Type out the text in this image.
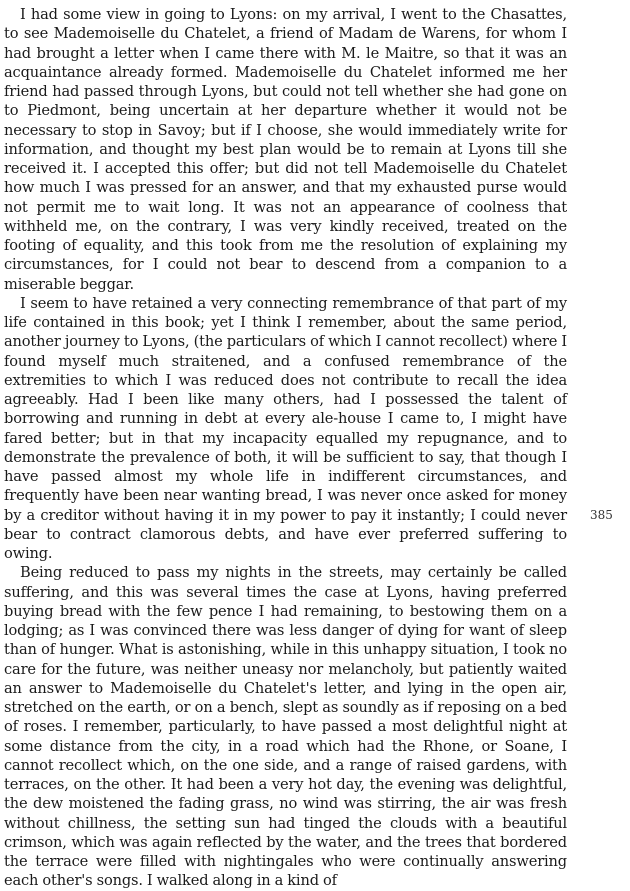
I had some view in going to Lyons: on my arrival, I went to the Chasattes, to see Mademoiselle du Chatelet, a friend of Madam de Warens, for whom I had brought a letter when I came there with M. le Maitre, so that it was an acquaintance already formed. Mademoiselle du Chatelet informed me her friend had passed through Lyons, but could not tell whether she had gone on to Piedmont, being uncertain at her departure whether it would not be necessary to stop in Savoy; but if I choose, she would immediately write for information, and thought my best plan would be to remain at Lyons till she received it. I accepted this offer; but did not tell Mademoiselle du Chatelet how much I was pressed for an answer, and that my exhausted purse would not permit me to wait long. It was not an appearance of coolness that withheld me, on the contrary, I was very kindly received, treated on the footing of equality, and this took from me the resolution of explaining my circumstances, for I could not bear to descend from a companion to a miserable beggar.

I seem to have retained a very connecting remembrance of that part of my life contained in this book; yet I think I remember, about the same period, another journey to Lyons, (the particulars of which I cannot recollect) where I found myself much straitened, and a confused remembrance of the extremities to which I was reduced does not contribute to recall the idea agreeably. Had I been like many others, had I possessed the talent of borrowing and running in debt at every ale-house I came to, I might have fared better; but in that my incapacity equalled my repugnance, and to demonstrate the prevalence of both, it will be sufficient to say, that though I have passed almost my whole life in indifferent circumstances, and frequently have been near wanting bread, I was never once asked for money by a creditor without having it in my power to pay it instantly; I could never bear to contract clamorous debts, and have ever preferred suffering to owing.

Being reduced to pass my nights in the streets, may certainly be called suffering, and this was several times the case at Lyons, having preferred buying bread with the few pence I had remaining, to bestowing them on a lodging; as I was convinced there was less danger of dying for want of sleep than of hunger. What is astonishing, while in this unhappy situation, I took no care for the future, was neither uneasy nor melancholy, but patiently waited an answer to Mademoiselle du Chatelet's letter, and lying in the open air, stretched on the earth, or on a bench, slept as soundly as if reposing on a bed of roses. I remember, particularly, to have passed a most delightful night at some distance from the city, in a road which had the Rhone, or Soane, I cannot recollect which, on the one side, and a range of raised gardens, with terraces, on the other. It had been a very hot day, the evening was delightful, the dew moistened the fading grass, no wind was stirring, the air was fresh without chillness, the setting sun had tinged the clouds with a beautiful crimson, which was again reflected by the water, and the trees that bordered the terrace were filled with nightingales who were continually answering each other's songs. I walked along in a kind of

385
